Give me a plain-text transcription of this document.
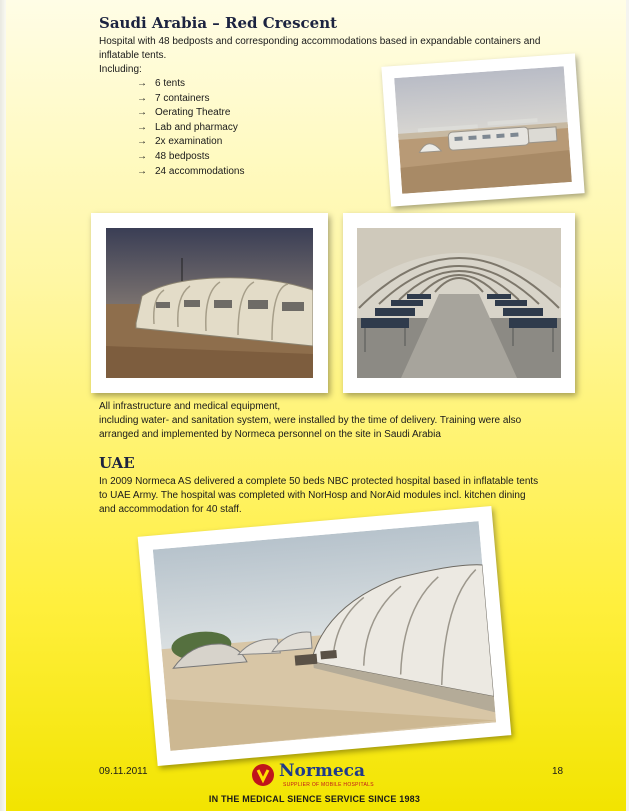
Saudi Arabia – Red Crescent
Hospital with 48 bedposts and corresponding accommodations based in expandable containers and
inflatable tents.
Including:
→ 6 tents
→ 7 containers
→ Oerating Theatre
→ Lab and pharmacy
→ 2x examination
→ 48 bedposts
→ 24 accommodations
All infrastructure and medical equipment,
including water- and sanitation system, were installed by the time of delivery. Training were also
arranged and implemented by Normeca personnel on the site in Saudi Arabia
UAE
In 2009 Normeca AS delivered a complete 50 beds NBC protected hospital based in inflatable tents
to UAE Army. The hospital was completed with NorHosp and NorAid modules incl. kitchen dining
and accommodation for 40 staff.
09.11.2011	Normeca
SUPPLIER OF MOBILE HOSPITALS
18
IN THE MEDICAL SIENCE SERVICE SINCE 1983
